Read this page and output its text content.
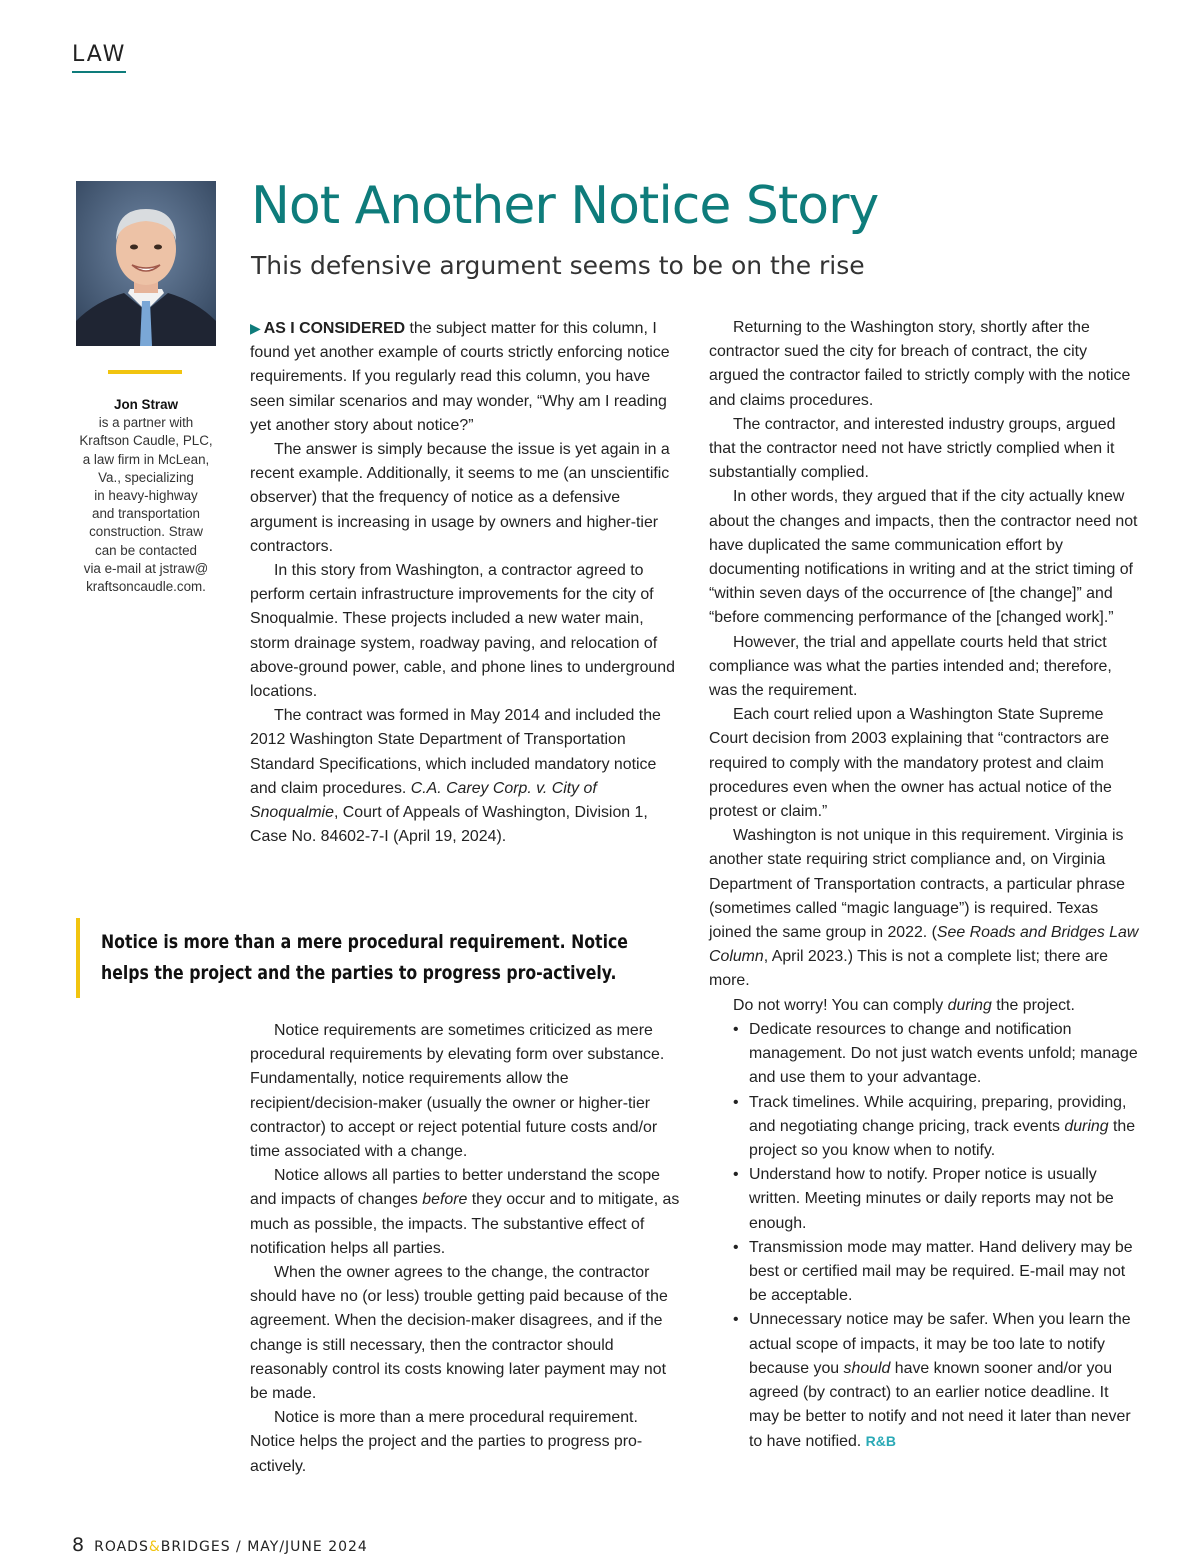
LAW
Jon Straw
is a partner with
Kraftson Caudle, PLC,
a law firm in McLean,
Va., specializing
in heavy-highway
and transportation
construction. Straw
can be contacted
via e-mail at jstraw@
kraftsoncaudle.com.
Not Another Notice Story
This defensive argument seems to be on the rise

▶ AS I CONSIDERED the subject matter for this column, I found yet another example of courts strictly enforcing notice requirements. If you regularly read this column, you have seen similar scenarios and may wonder, “Why am I reading yet another story about notice?”

The answer is simply because the issue is yet again in a recent example. Additionally, it seems to me (an unscientific observer) that the frequency of notice as a defensive argument is increasing in usage by owners and higher-tier contractors.

In this story from Washington, a contractor agreed to perform certain infrastructure improvements for the city of Snoqualmie. These projects included a new water main, storm drainage system, roadway paving, and relocation of above-ground power, cable, and phone lines to underground locations.

The contract was formed in May 2014 and included the 2012 Washington State Department of Transportation Standard Specifications, which included mandatory notice and claim procedures. C.A. Carey Corp. v. City of Snoqualmie, Court of Appeals of Washington, Division 1, Case No. 84602-7-I (April 19, 2024).

Notice is more than a mere procedural requirement. Notice
helps the project and the parties to progress pro-actively.

Notice requirements are sometimes criticized as mere procedural requirements by elevating form over substance. Fundamentally, notice requirements allow the recipient/decision-maker (usually the owner or higher-tier contractor) to accept or reject potential future costs and/or time associated with a change.

Notice allows all parties to better understand the scope and impacts of changes before they occur and to mitigate, as much as possible, the impacts. The substantive effect of notification helps all parties.

When the owner agrees to the change, the contractor should have no (or less) trouble getting paid because of the agreement. When the decision-maker disagrees, and if the change is still necessary, then the contractor should reasonably control its costs knowing later payment may not be made.

Notice is more than a mere procedural requirement. Notice helps the project and the parties to progress pro-actively.

Returning to the Washington story, shortly after the contractor sued the city for breach of contract, the city argued the contractor failed to strictly comply with the notice and claims procedures.

The contractor, and interested industry groups, argued that the contractor need not have strictly complied when it substantially complied.

In other words, they argued that if the city actually knew about the changes and impacts, then the contractor need not have duplicated the same communication effort by documenting notifications in writing and at the strict timing of “within seven days of the occurrence of [the change]” and “before commencing performance of the [changed work].”

However, the trial and appellate courts held that strict compliance was what the parties intended and; therefore, was the requirement.

Each court relied upon a Washington State Supreme Court decision from 2003 explaining that “contractors are required to comply with the mandatory protest and claim procedures even when the owner has actual notice of the protest or claim.”

Washington is not unique in this requirement. Virginia is another state requiring strict compliance and, on Virginia Department of Transportation contracts, a particular phrase (sometimes called “magic language”) is required. Texas joined the same group in 2022. (See Roads and Bridges Law Column, April 2023.) This is not a complete list; there are more.

Do not worry! You can comply during the project.

• Dedicate resources to change and notification management. Do not just watch events unfold; manage and use them to your advantage.
• Track timelines. While acquiring, preparing, providing, and negotiating change pricing, track events during the project so you know when to notify.
• Understand how to notify. Proper notice is usually written. Meeting minutes or daily reports may not be enough.
• Transmission mode may matter. Hand delivery may be best or certified mail may be required. E-mail may not be acceptable.
• Unnecessary notice may be safer. When you learn the actual scope of impacts, it may be too late to notify because you should have known sooner and/or you agreed (by contract) to an earlier notice deadline. It may be better to notify and not need it later than never to have notified. R&B
8 ROADS&BRIDGES / MAY/JUNE 2024
